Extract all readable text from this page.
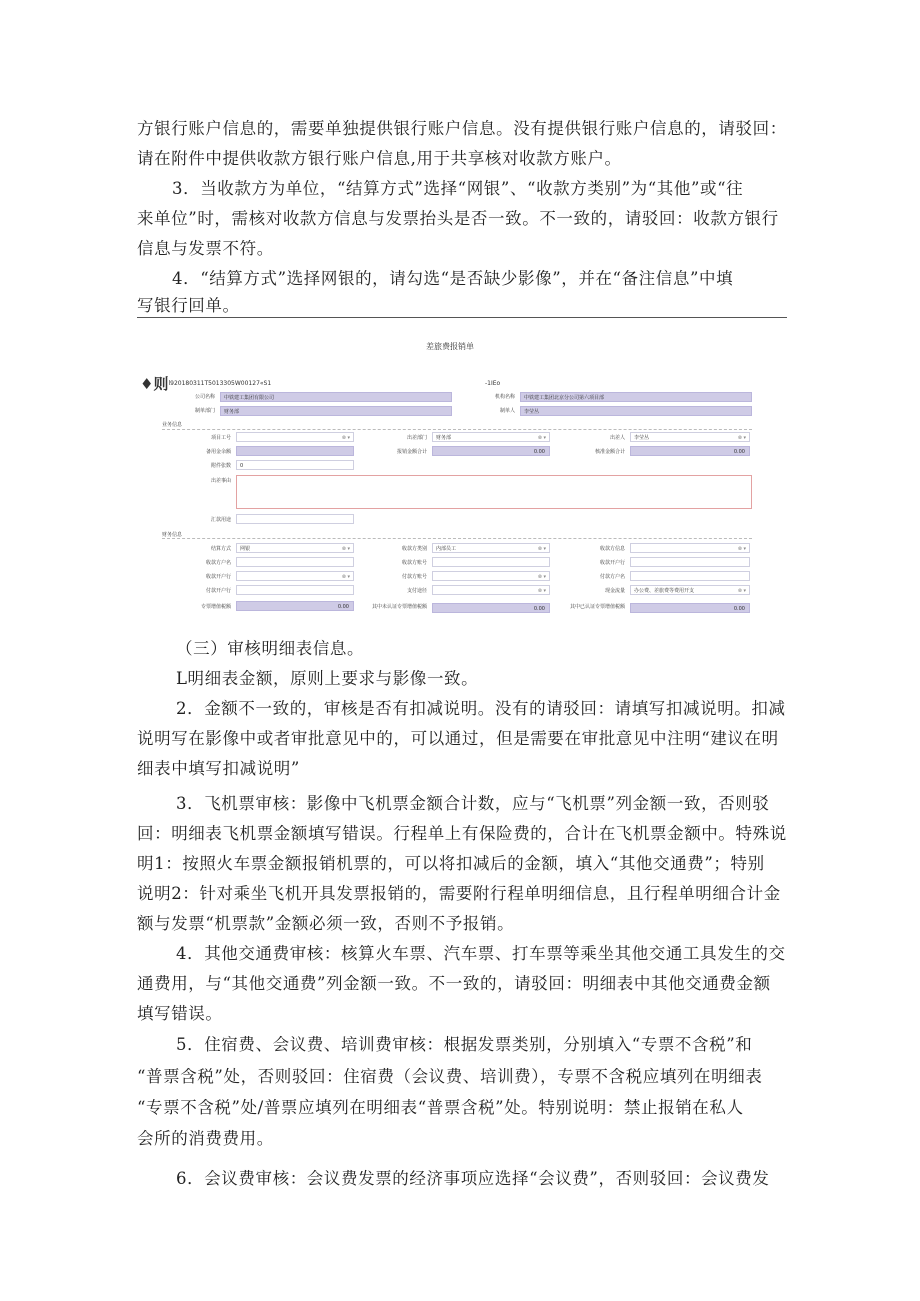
方银行账户信息的，需要单独提供银行账户信息。没有提供银行账户信息的，请驳回：

请在附件中提供收款方银行账户信息,用于共享核对收款方账户。

3．当收款方为单位，“结算方式”选择“网银”、“收款方类别”为“其他”或“往

来单位”时，需核对收款方信息与发票抬头是否一致。不一致的，请驳回：收款方银行

信息与发票不符。

4．“结算方式”选择网银的，请勾选“是否缺少影像”，并在“备注信息”中填

写银行回单。

差旅费报销单
♦则l920180311T5013305W00127«S1	-1IEo
公司名称	中铁建工集团有限公司	机构名称	中铁建工集团北京分公司第六项目部
制单部门	财务部	制单人	李莹丛
业务信息
项目工号	⊗ ▾	出差部门	财务部	⊗ ▾	出差人	李莹丛	⊗ ▾
备用金余额	报销金额合计	0.00	核准金额合计	0.00
附件张数	0
出差事由
汇款用途
财务信息
结算方式	网银	⊗ ▾	收款方类别	内部员工	⊗ ▾	收款方信息	⊗ ▾
收款方户名	收款方账号	收款开户行
收款开户行	⊗ ▾	付款方账号	⊗ ▾	付款方户名
付款开户行	支付途径	⊗ ▾	现金流量	办公费、差旅费等费用开支	⊗ ▾
专票增值税额	0.00	其中未认证专票增值税额	0.00	其中已认证专票增值税额	0.00

（三）审核明细表信息。

L明细表金额，原则上要求与影像一致。

2．金额不一致的，审核是否有扣减说明。没有的请驳回：请填写扣减说明。扣减

说明写在影像中或者审批意见中的，可以通过，但是需要在审批意见中注明“建议在明

细表中填写扣减说明”

3．飞机票审核：影像中飞机票金额合计数，应与“飞机票”列金额一致，否则驳

回：明细表飞机票金额填写错误。行程单上有保险费的，合计在飞机票金额中。特殊说

明1：按照火车票金额报销机票的，可以将扣减后的金额，填入“其他交通费”；特别

说明2：针对乘坐飞机开具发票报销的，需要附行程单明细信息，且行程单明细合计金

额与发票“机票款”金额必须一致，否则不予报销。

4．其他交通费审核：核算火车票、汽车票、打车票等乘坐其他交通工具发生的交

通费用，与“其他交通费”列金额一致。不一致的，请驳回：明细表中其他交通费金额

填写错误。

5．住宿费、会议费、培训费审核：根据发票类别，分别填入“专票不含税”和

“普票含税”处，否则驳回：住宿费（会议费、培训费），专票不含税应填列在明细表

“专票不含税”处/普票应填列在明细表“普票含税”处。特别说明：禁止报销在私人

会所的消费费用。

6．会议费审核：会议费发票的经济事项应选择“会议费”，否则驳回：会议费发
